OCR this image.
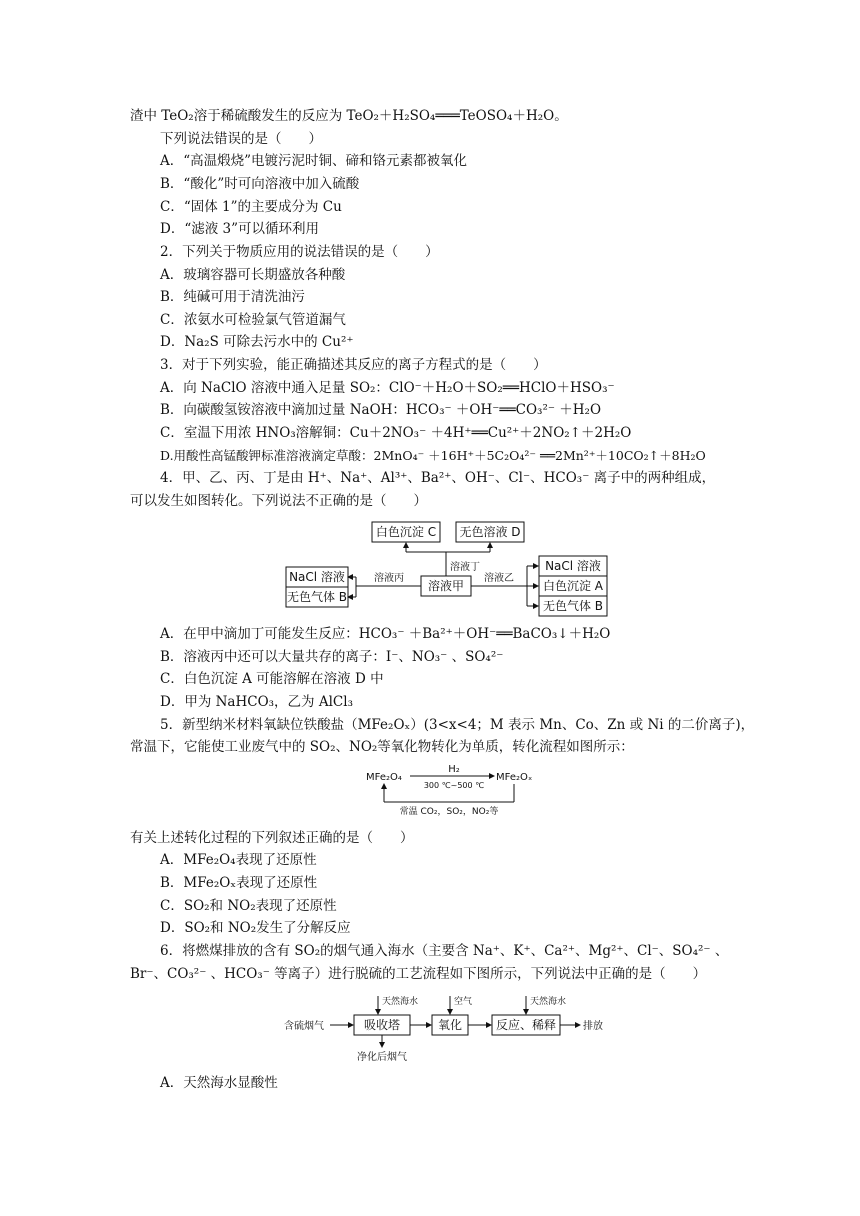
渣中 TeO₂溶于稀硫酸发生的反应为 TeO₂＋H₂SO₄═══TeOSO₄＋H₂O。
下列说法错误的是（　　）
A．“高温煅烧”电镀污泥时铜、碲和铬元素都被氧化
B．“酸化”时可向溶液中加入硫酸
C．“固体 1”的主要成分为 Cu
D．“滤液 3”可以循环利用
2．下列关于物质应用的说法错误的是（　　）
A．玻璃容器可长期盛放各种酸
B．纯碱可用于清洗油污
C．浓氨水可检验氯气管道漏气
D．Na₂S 可除去污水中的 Cu²⁺
3．对于下列实验，能正确描述其反应的离子方程式的是（　　）
A．向 NaClO 溶液中通入足量 SO₂：ClO⁻＋H₂O＋SO₂══HClO＋HSO₃⁻
B．向碳酸氢铵溶液中滴加过量 NaOH：HCO₃⁻ ＋OH⁻══CO₃²⁻ ＋H₂O
C．室温下用浓 HNO₃溶解铜：Cu＋2NO₃⁻ ＋4H⁺══Cu²⁺＋2NO₂↑＋2H₂O
D.用酸性高锰酸钾标准溶液滴定草酸：2MnO₄⁻ ＋16H⁺＋5C₂O₄²⁻ ══2Mn²⁺＋10CO₂↑＋8H₂O
4．甲、乙、丙、丁是由 H⁺、Na⁺、Al³⁺、Ba²⁺、OH⁻、Cl⁻、HCO₃⁻ 离子中的两种组成，
可以发生如图转化。下列说法不正确的是（　　）
白色沉淀 C 无色溶液 D
NaCl 溶液
无色气体 B
溶液甲
NaCl 溶液
白色沉淀 A
无色气体 B
溶液丙
溶液丁
溶液乙
A．在甲中滴加丁可能发生反应：HCO₃⁻ ＋Ba²⁺＋OH⁻══BaCO₃↓＋H₂O
B．溶液丙中还可以大量共存的离子：I⁻、NO₃⁻ 、SO₄²⁻
C．白色沉淀 A 可能溶解在溶液 D 中
D．甲为 NaHCO₃，乙为 AlCl₃
5．新型纳米材料氧缺位铁酸盐（MFe₂Oₓ）(3<x<4；M 表示 Mn、Co、Zn 或 Ni 的二价离子)，
常温下，它能使工业废气中的 SO₂、NO₂等氧化物转化为单质，转化流程如图所示：
MFe₂O₄	MFe₂Oₓ
H₂
300 ℃~500 ℃
常温 CO₂，SO₂，NO₂等
有关上述转化过程的下列叙述正确的是（　　）
A．MFe₂O₄表现了还原性
B．MFe₂Oₓ表现了还原性
C．SO₂和 NO₂表现了还原性
D．SO₂和 NO₂发生了分解反应
6．将燃煤排放的含有 SO₂的烟气通入海水（主要含 Na⁺、K⁺、Ca²⁺、Mg²⁺、Cl⁻、SO₄²⁻ 、
Br⁻、CO₃²⁻ 、HCO₃⁻ 等离子）进行脱硫的工艺流程如下图所示，下列说法中正确的是（　　）
含硫烟气	吸收塔	氧化	反应、稀释	排放
天然海水	空气	天然海水
净化后烟气
A．天然海水显酸性
